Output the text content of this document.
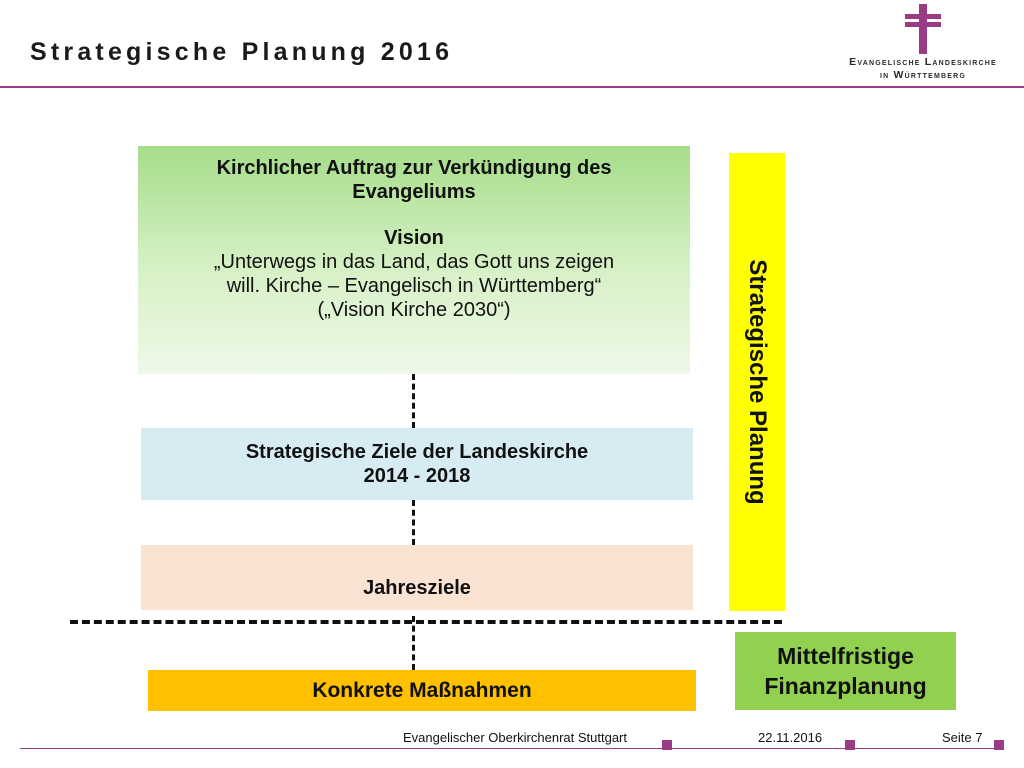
Strategische Planung 2016	Evangelische Landeskirche
in Württemberg
Kirchlicher Auftrag zur Verkündigung des
Evangeliums
Vision
„Unterwegs in das Land, das Gott uns zeigen
will. Kirche – Evangelisch in Württemberg“
(„Vision Kirche 2030“)
Strategische Ziele der Landeskirche
2014 - 2018
Jahresziele
Konkrete Maßnahmen
Strategische Planung
Mittelfristige
Finanzplanung
Evangelischer Oberkirchenrat Stuttgart	22.11.2016	Seite 7
